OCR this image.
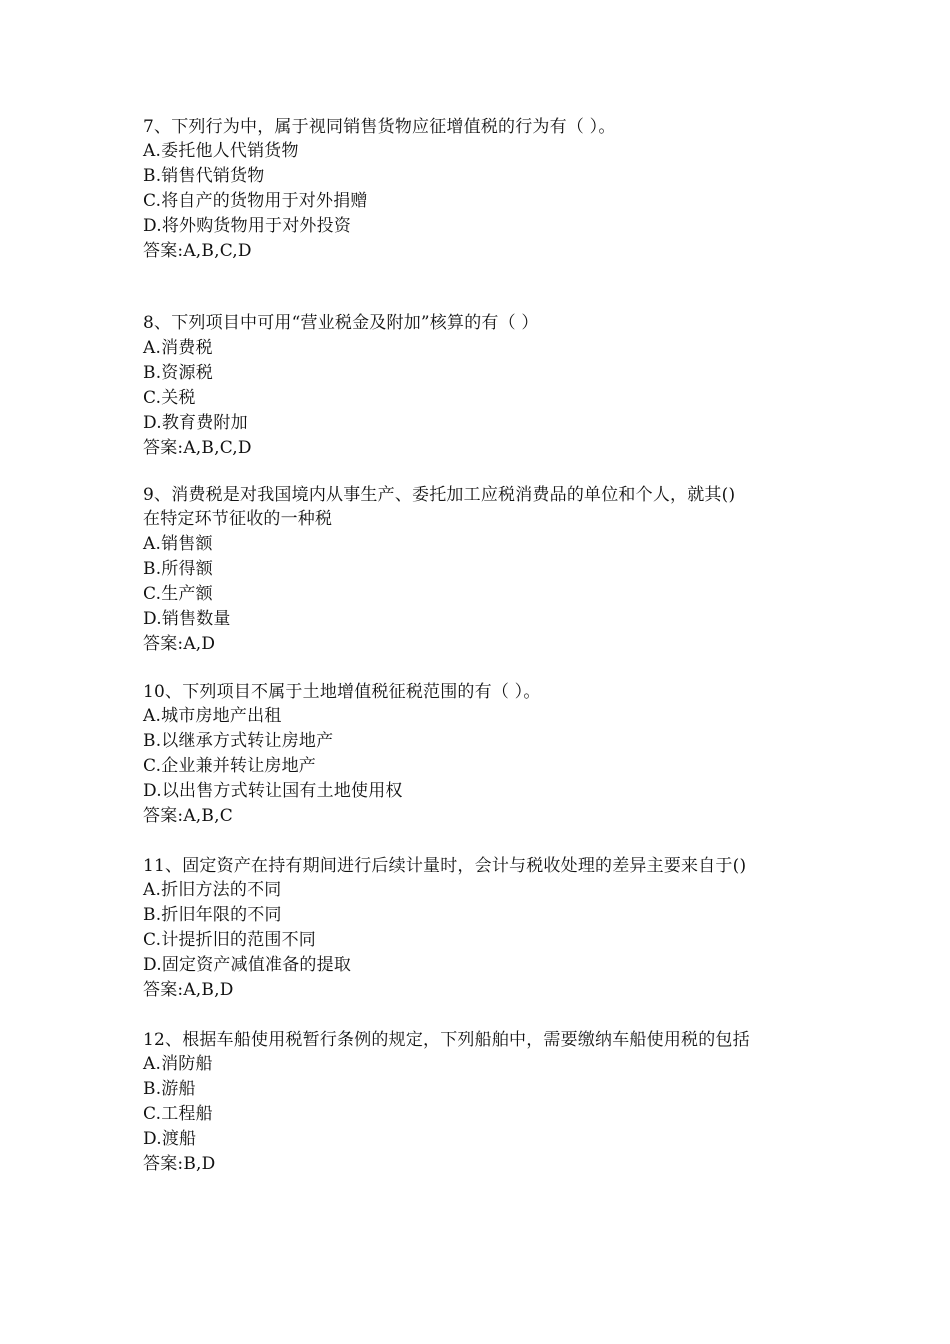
7、下列行为中，属于视同销售货物应征增值税的行为有（ ）。
A.委托他人代销货物
B.销售代销货物
C.将自产的货物用于对外捐赠
D.将外购货物用于对外投资
答案:A,B,C,D
8、下列项目中可用“营业税金及附加”核算的有（ ）
A.消费税
B.资源税
C.关税
D.教育费附加
答案:A,B,C,D
9、消费税是对我国境内从事生产、委托加工应税消费品的单位和个人，就其()
在特定环节征收的一种税
A.销售额
B.所得额
C.生产额
D.销售数量
答案:A,D
10、下列项目不属于土地增值税征税范围的有（ ）。
A.城市房地产出租
B.以继承方式转让房地产
C.企业兼并转让房地产
D.以出售方式转让国有土地使用权
答案:A,B,C
11、固定资产在持有期间进行后续计量时，会计与税收处理的差异主要来自于()
A.折旧方法的不同
B.折旧年限的不同
C.计提折旧的范围不同
D.固定资产减值准备的提取
答案:A,B,D
12、根据车船使用税暂行条例的规定，下列船舶中，需要缴纳车船使用税的包括
A.消防船
B.游船
C.工程船
D.渡船
答案:B,D
